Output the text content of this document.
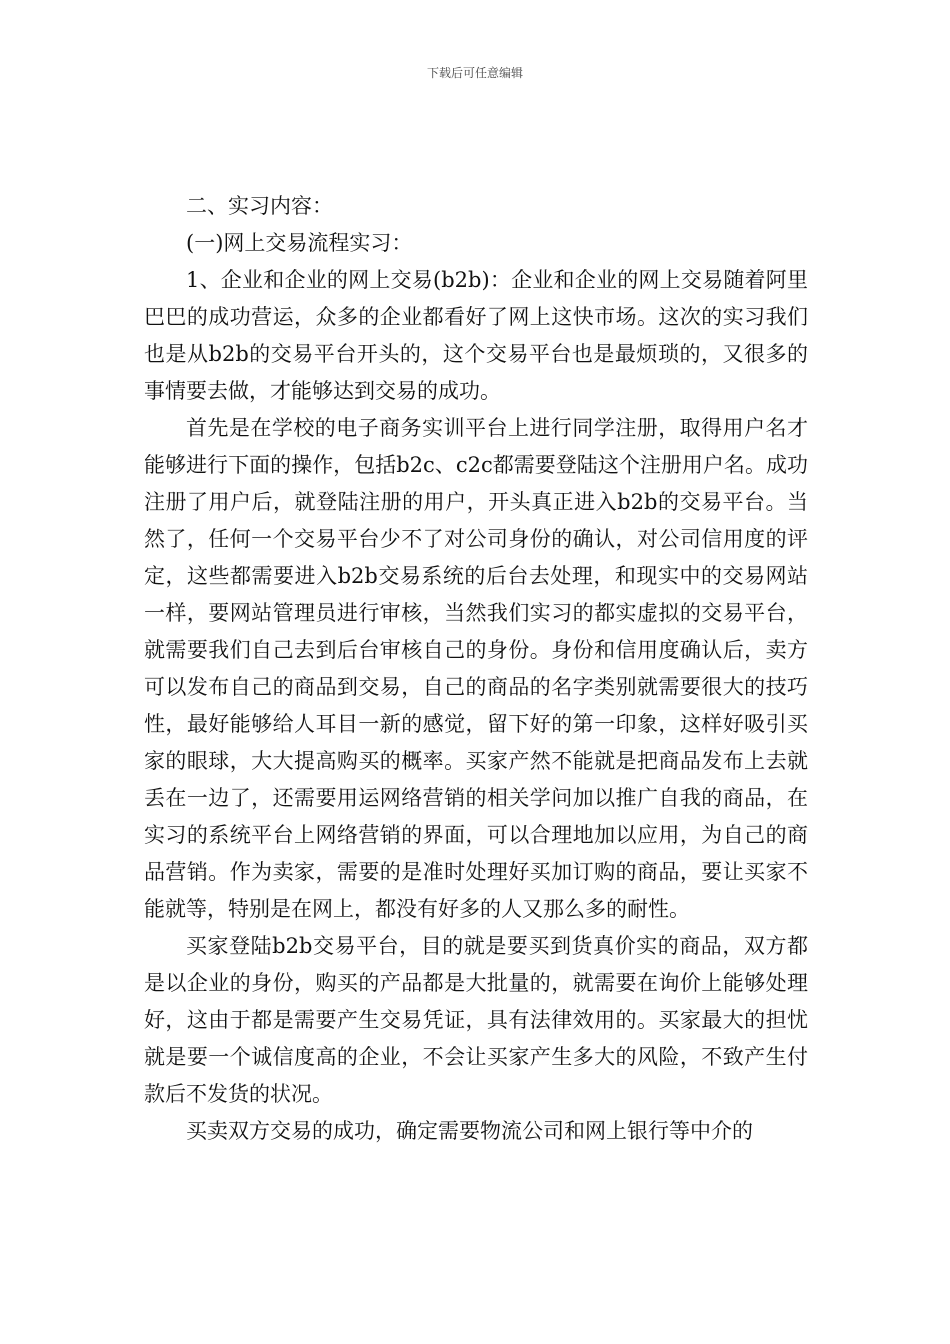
下载后可任意编辑

二、实习内容：

(一)网上交易流程实习：

1、企业和企业的网上交易(b2b)：企业和企业的网上交易随着阿里巴巴的成功营运，众多的企业都看好了网上这快市场。这次的实习我们也是从b2b的交易平台开头的，这个交易平台也是最烦琐的，又很多的事情要去做，才能够达到交易的成功。

首先是在学校的电子商务实训平台上进行同学注册，取得用户名才能够进行下面的操作，包括b2c、c2c都需要登陆这个注册用户名。成功注册了用户后，就登陆注册的用户，开头真正进入b2b的交易平台。当然了，任何一个交易平台少不了对公司身份的确认，对公司信用度的评定，这些都需要进入b2b交易系统的后台去处理，和现实中的交易网站一样，要网站管理员进行审核，当然我们实习的都实虚拟的交易平台，就需要我们自己去到后台审核自己的身份。身份和信用度确认后，卖方可以发布自己的商品到交易，自己的商品的名字类别就需要很大的技巧性，最好能够给人耳目一新的感觉，留下好的第一印象，这样好吸引买家的眼球，大大提高购买的概率。买家产然不能就是把商品发布上去就丢在一边了，还需要用运网络营销的相关学问加以推广自我的商品，在实习的系统平台上网络营销的界面，可以合理地加以应用，为自己的商品营销。作为卖家，需要的是准时处理好买加订购的商品，要让买家不能就等，特别是在网上，都没有好多的人又那么多的耐性。

买家登陆b2b交易平台，目的就是要买到货真价实的商品，双方都是以企业的身份，购买的产品都是大批量的，就需要在询价上能够处理好，这由于都是需要产生交易凭证，具有法律效用的。买家最大的担忧就是要一个诚信度高的企业，不会让买家产生多大的风险，不致产生付款后不发货的状况。

买卖双方交易的成功，确定需要物流公司和网上银行等中介的
